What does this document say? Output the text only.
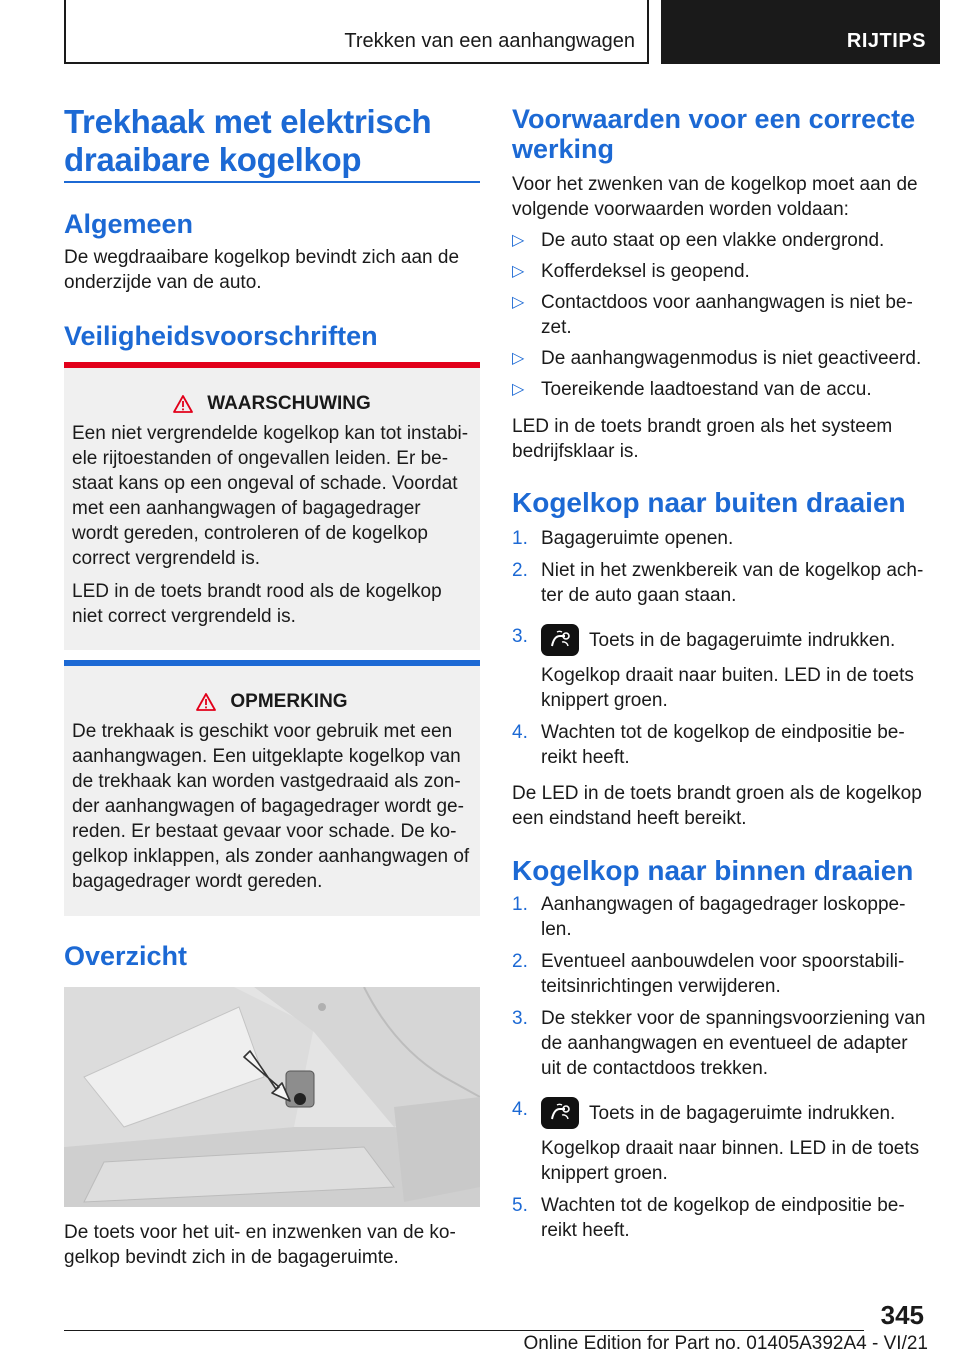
Trekken van een aanhangwagen	RIJTIPS
Trekhaak met elektrisch draaibare kogelkop
Algemeen

De wegdraaibare kogelkop bevindt zich aan de onderzijde van de auto.

Veiligheidsvoorschriften
WAARSCHUWING

Een niet vergrendelde kogelkop kan tot instabi-ele rijtoestanden of ongevallen leiden. Er be-staat kans op een ongeval of schade. Voordat met een aanhangwagen of bagagedrager wordt gereden, controleren of de kogelkop correct vergrendeld is.

LED in de toets brandt rood als de kogelkop niet correct vergrendeld is.

OPMERKING

De trekhaak is geschikt voor gebruik met een aanhangwagen. Een uitgeklapte kogelkop van de trekhaak kan worden vastgedraaid als zon-der aanhangwagen of bagagedrager wordt ge-reden. Er bestaat gevaar voor schade. De ko-gelkop inklappen, als zonder aanhangwagen of bagagedrager wordt gereden.

Overzicht

De toets voor het uit- en inzwenken van de ko-gelkop bevindt zich in de bagageruimte.

Voorwaarden voor een correcte werking

Voor het zwenken van de kogelkop moet aan de volgende voorwaarden worden voldaan:

▷ De auto staat op een vlakke ondergrond.
▷ Kofferdeksel is geopend.
▷ Contactdoos voor aanhangwagen is niet be-zet.
▷ De aanhangwagenmodus is niet geactiveerd.
▷ Toereikende laadtoestand van de accu.

LED in de toets brandt groen als het systeem bedrijfsklaar is.

Kogelkop naar buiten draaien
1. Bagageruimte openen.
2. Niet in het zwenkbereik van de kogelkop ach-ter de auto gaan staan.
3.	Toets in de bagageruimte indrukken.
Kogelkop draait naar buiten. LED in de toets knippert groen.
4. Wachten tot de kogelkop de eindpositie be-reikt heeft.

De LED in de toets brandt groen als de kogelkop een eindstand heeft bereikt.

Kogelkop naar binnen draaien
1. Aanhangwagen of bagagedrager loskoppe-len.
2. Eventueel aanbouwdelen voor spoorstabili-teitsinrichtingen verwijderen.
3. De stekker voor de spanningsvoorziening van de aanhangwagen en eventueel de adapter uit de contactdoos trekken.
4.	Toets in de bagageruimte indrukken.
Kogelkop draait naar binnen. LED in de toets knippert groen.
5. Wachten tot de kogelkop de eindpositie be-reikt heeft.
345
Online Edition for Part no. 01405A392A4 - VI/21
